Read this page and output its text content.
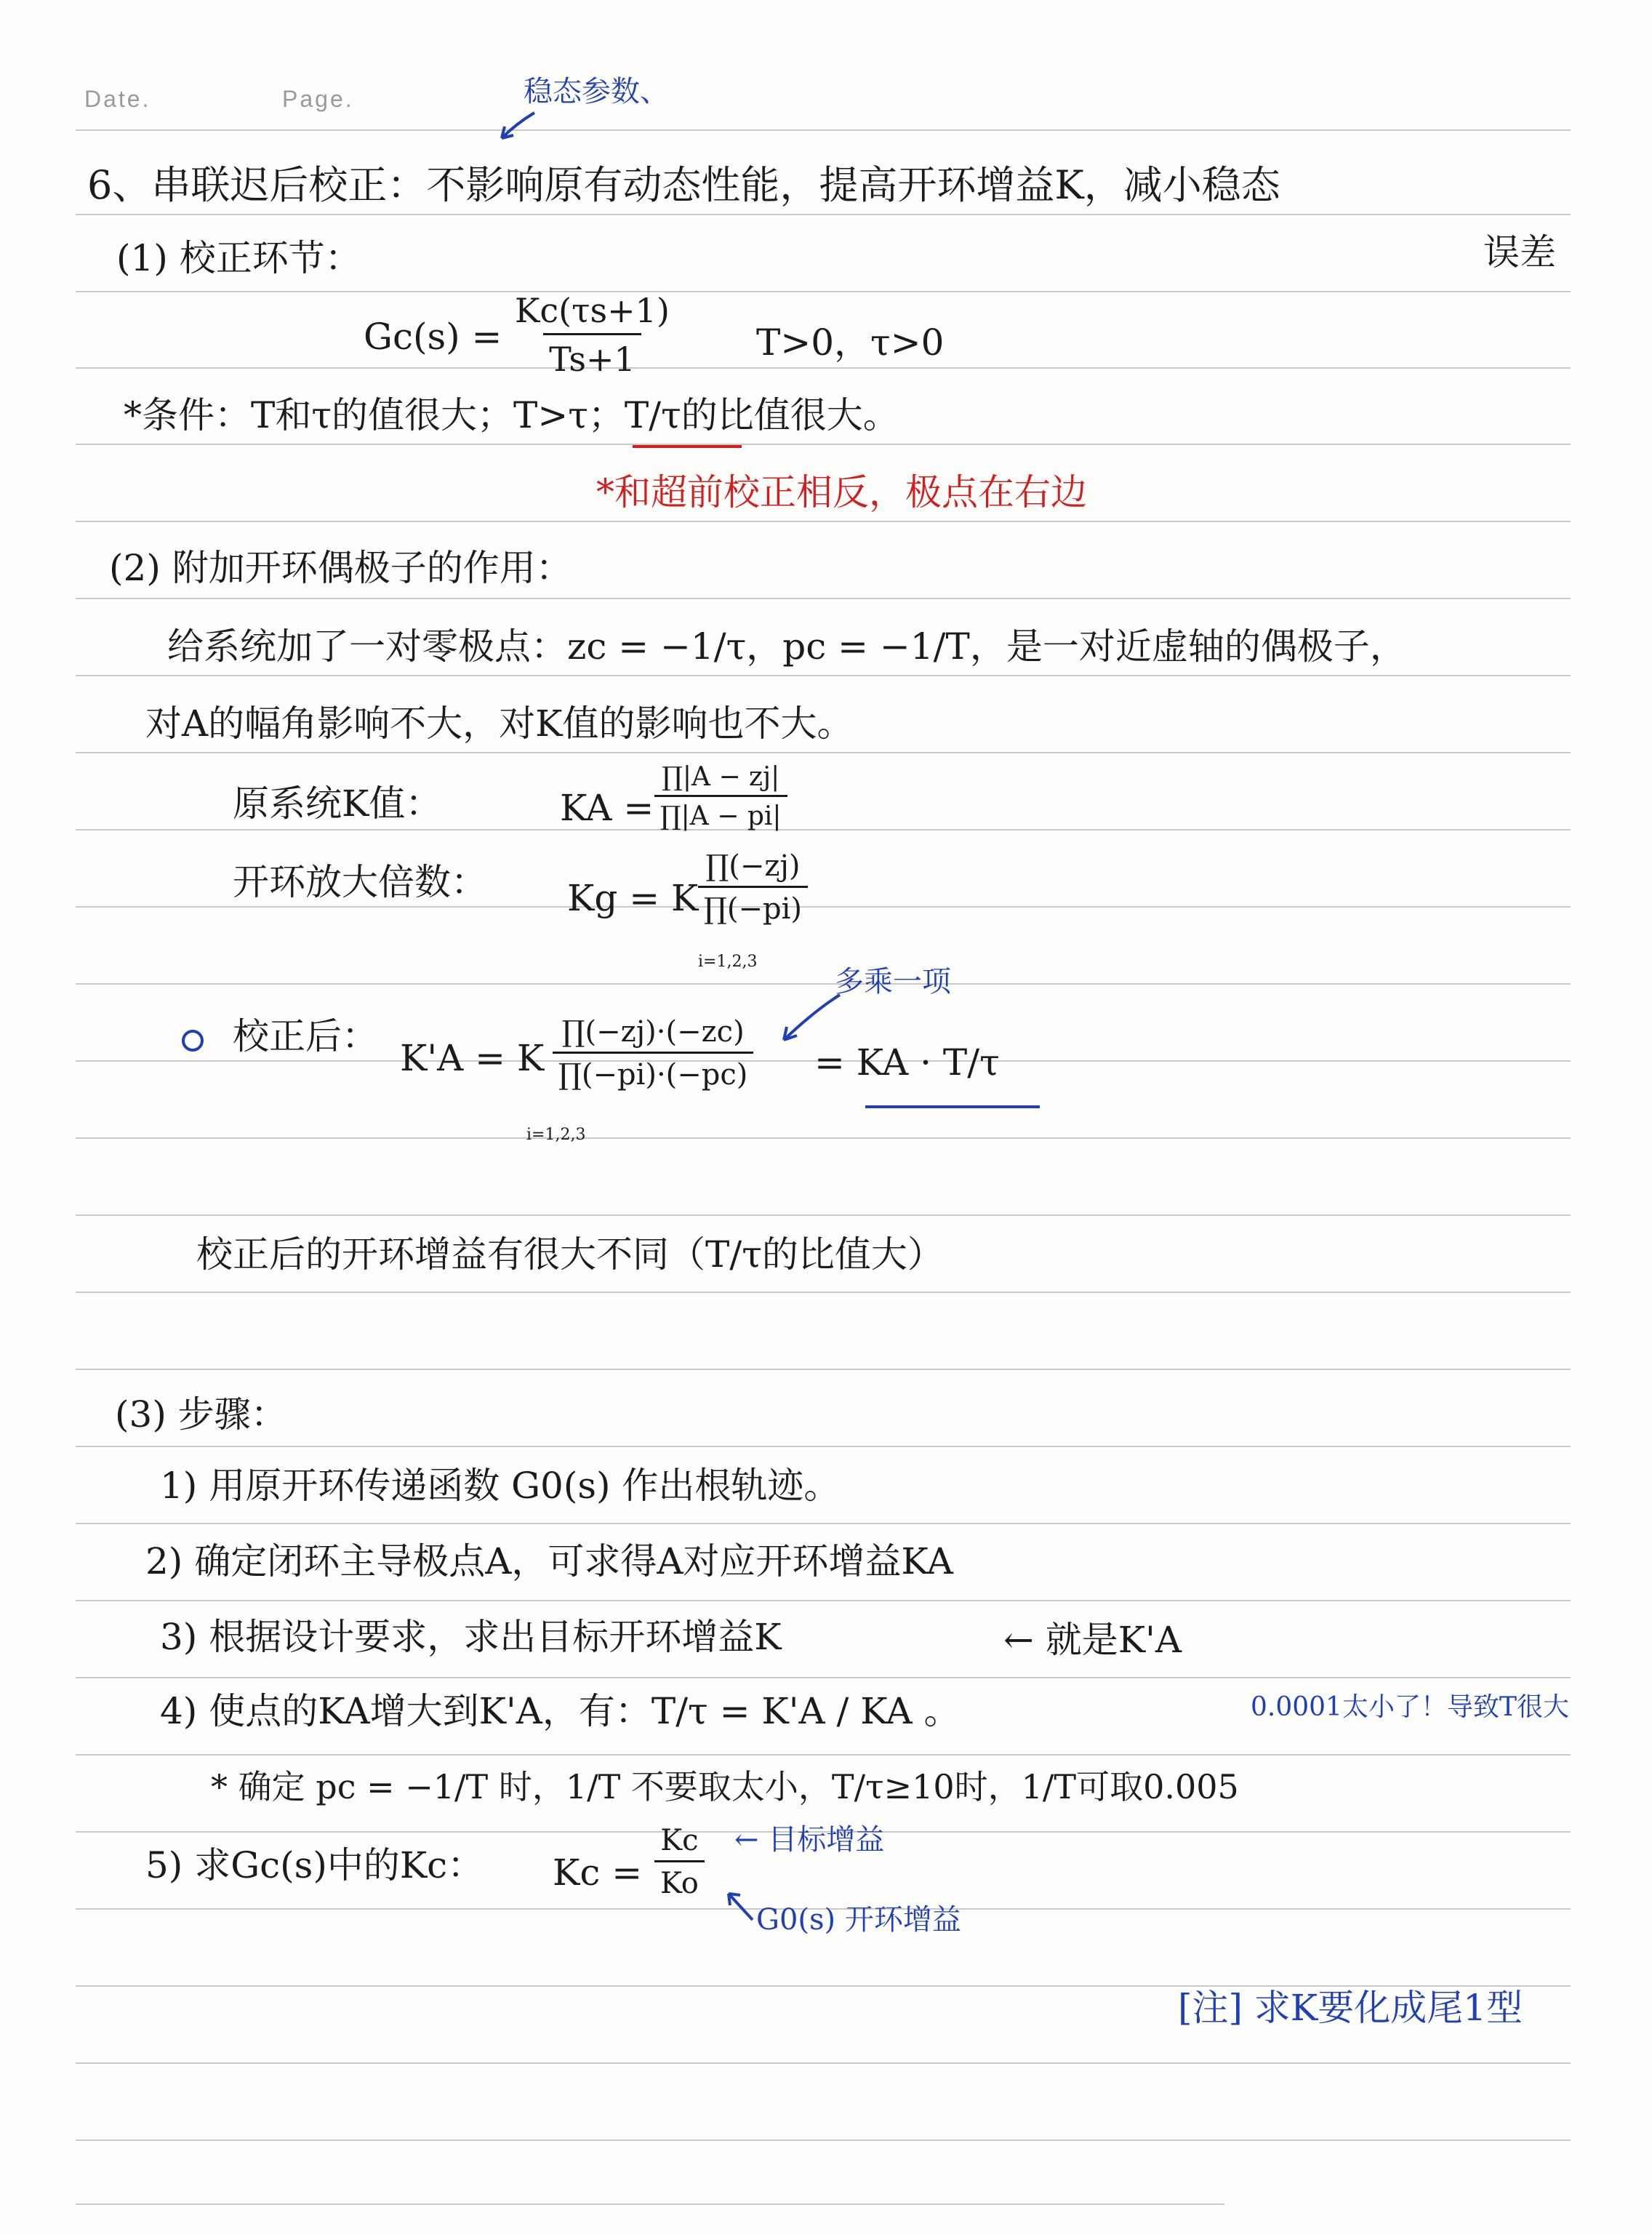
Date.	Page.	稳态参数、
6、串联迟后校正：不影响原有动态性能，提高开环增益K，减小稳态
误差
(1) 校正环节：
$Gc(s) = \frac{Kc(\tau s+1)}{Ts+1} T>0$，τ>0
*条件：T和τ的值很大；T>τ；T/τ的比值很大。
*和超前校正相反，极点在右边
(2) 附加开环偶极子的作用：
给系统加了一对零极点：zc = −1/τ，pc = −1/T，是一对近虚轴的偶极子，
对A的幅角影响不大，对K值的影响也不大。
原系统K值：	KA = $\frac{\prod|A - zj|}{\prod|A - pi|}$
开环放大倍数： Kg = K $\frac{\prod(-zj)}{\prod(-pi)}$
i=1,2,3
多乘一项
校正后：
K'A = K $\frac{\prod(-zj)\cdot(-zc)}{\prod(-pi)\cdot(-pc)}$
i=1,2,3
= KA · T/τ
校正后的开环增益有很大不同（T/τ的比值大）
(3) 步骤：
1) 用原开环传递函数 G0(s) 作出根轨迹。
2) 确定闭环主导极点A，可求得A对应开环增益KA
3) 根据设计要求，求出目标开环增益K	← 就是K'A
4) 使点的KA增大到K'A，有：T/τ = K'A / KA 。	0.0001太小了！导致T很大
* 确定 pc = −1/T 时，1/T 不要取太小，T/τ≥10时，1/T可取0.005
5) 求Gc(s)中的Kc： $Kc = \frac{Kc}{Ko}$ ← 目标增益
G0(s) 开环增益
[注] 求K要化成尾1型
